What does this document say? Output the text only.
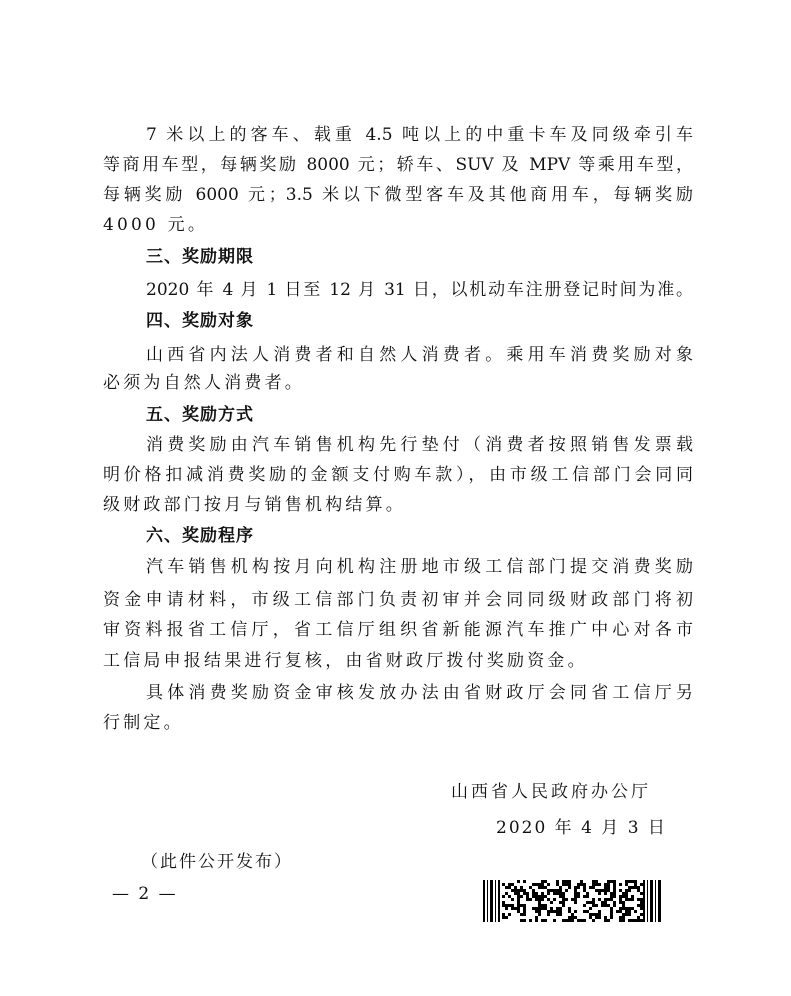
7 米以上的客车、载重 4.5 吨以上的中重卡车及同级牵引车
等商用车型，每辆奖励 8000 元；轿车、SUV 及 MPV 等乘用车型，
每辆奖励 6000 元；3.5 米以下微型客车及其他商用车，每辆奖励
4000 元。
三、奖励期限
2020 年 4 月 1 日至 12 月 31 日，以机动车注册登记时间为准。
四、奖励对象
山西省内法人消费者和自然人消费者。乘用车消费奖励对象
必须为自然人消费者。
五、奖励方式
消费奖励由汽车销售机构先行垫付（消费者按照销售发票载
明价格扣减消费奖励的金额支付购车款），由市级工信部门会同同
级财政部门按月与销售机构结算。
六、奖励程序
汽车销售机构按月向机构注册地市级工信部门提交消费奖励
资金申请材料，市级工信部门负责初审并会同同级财政部门将初
审资料报省工信厅，省工信厅组织省新能源汽车推广中心对各市
工信局申报结果进行复核，由省财政厅拨付奖励资金。
具体消费奖励资金审核发放办法由省财政厅会同省工信厅另
行制定。
山西省人民政府办公厅
2020 年 4 月 3 日
（此件公开发布）
— 2 —
